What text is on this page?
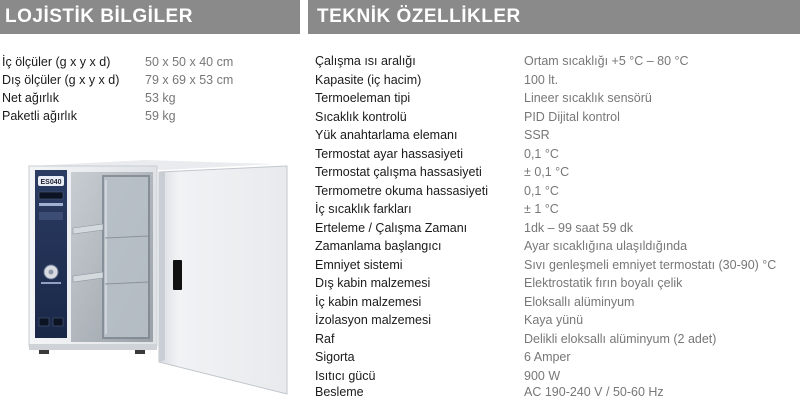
LOJİSTİK BİLGİLER	TEKNİK ÖZELLİKLER
İç ölçüler (g x y x d)	50 x 50 x 40 cm
Dış ölçüler (g x y x d) 79 x 69 x 53 cm
Net ağırlık	53 kg
Paketli ağırlık	59 kg
Çalışma ısı aralığı	Ortam sıcaklığı +5 °C – 80 °C
Kapasite (iç hacim)	100 lt.
Termoeleman tipi	Lineer sıcaklık sensörü
Sıcaklık kontrolü	PID Dijital kontrol
Yük anahtarlama elemanı	SSR
Termostat ayar hassasiyeti	0,1 °C
Termostat çalışma hassasiyeti	± 0,1 °C
Termometre okuma hassasiyeti	0,1 °C
İç sıcaklık farkları	± 1 °C
Erteleme / Çalışma Zamanı	1dk – 99 saat 59 dk
Zamanlama başlangıcı	Ayar sıcaklığına ulaşıldığında
Emniyet sistemi	Sıvı genleşmeli emniyet termostatı (30-90) °C
Dış kabin malzemesi	Elektrostatik fırın boyalı çelik
İç kabin malzemesi	Eloksallı alüminyum
İzolasyon malzemesi	Kaya yünü
Raf	Delikli eloksallı alüminyum (2 adet)
Sigorta	6 Amper
Isıtıcı gücü	900 W
Besleme	AC 190-240 V / 50-60 Hz
ES040
